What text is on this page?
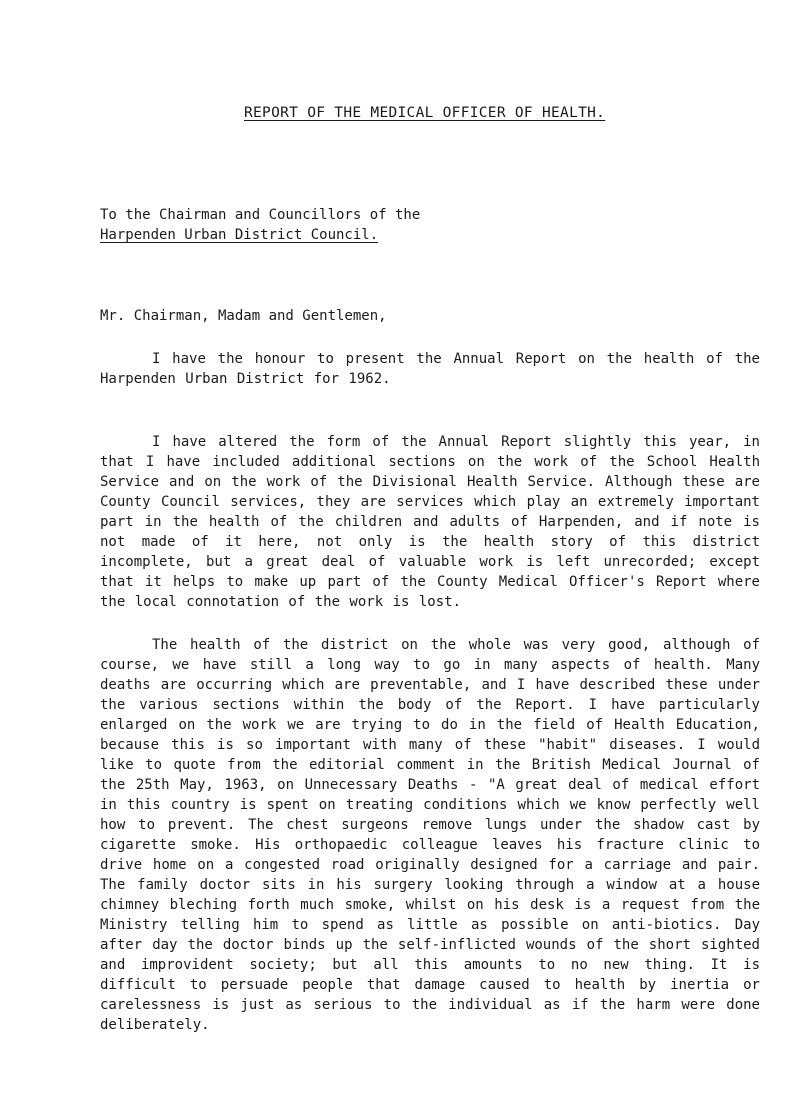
REPORT OF THE MEDICAL OFFICER OF HEALTH.
To the Chairman and Councillors of the
Harpenden Urban District Council.

Mr. Chairman, Madam and Gentlemen,

I have the honour to present the Annual Report on the health of the Harpenden Urban District for 1962.

I have altered the form of the Annual Report slightly this year, in that I have included additional sections on the work of the School Health Service and on the work of the Divisional Health Service. Although these are County Council services, they are services which play an extremely important part in the health of the children and adults of Harpenden, and if note is not made of it here, not only is the health story of this district incomplete, but a great deal of valuable work is left unrecorded; except that it helps to make up part of the County Medical Officer's Report where the local connotation of the work is lost.

The health of the district on the whole was very good, although of course, we have still a long way to go in many aspects of health. Many deaths are occurring which are preventable, and I have described these under the various sections within the body of the Report. I have particularly enlarged on the work we are trying to do in the field of Health Education, because this is so important with many of these "habit" diseases. I would like to quote from the editorial comment in the British Medical Journal of the 25th May, 1963, on Unnecessary Deaths - "A great deal of medical effort in this country is spent on treating conditions which we know perfectly well how to prevent. The chest surgeons remove lungs under the shadow cast by cigarette smoke. His orthopaedic colleague leaves his fracture clinic to drive home on a congested road originally designed for a carriage and pair. The family doctor sits in his surgery looking through a window at a house chimney bleching forth much smoke, whilst on his desk is a request from the Ministry telling him to spend as little as possible on anti-biotics. Day after day the doctor binds up the self-inflicted wounds of the short sighted and improvident society; but all this amounts to no new thing. It is difficult to persuade people that damage caused to health by inertia or carelessness is just as serious to the individual as if the harm were done deliberately.
